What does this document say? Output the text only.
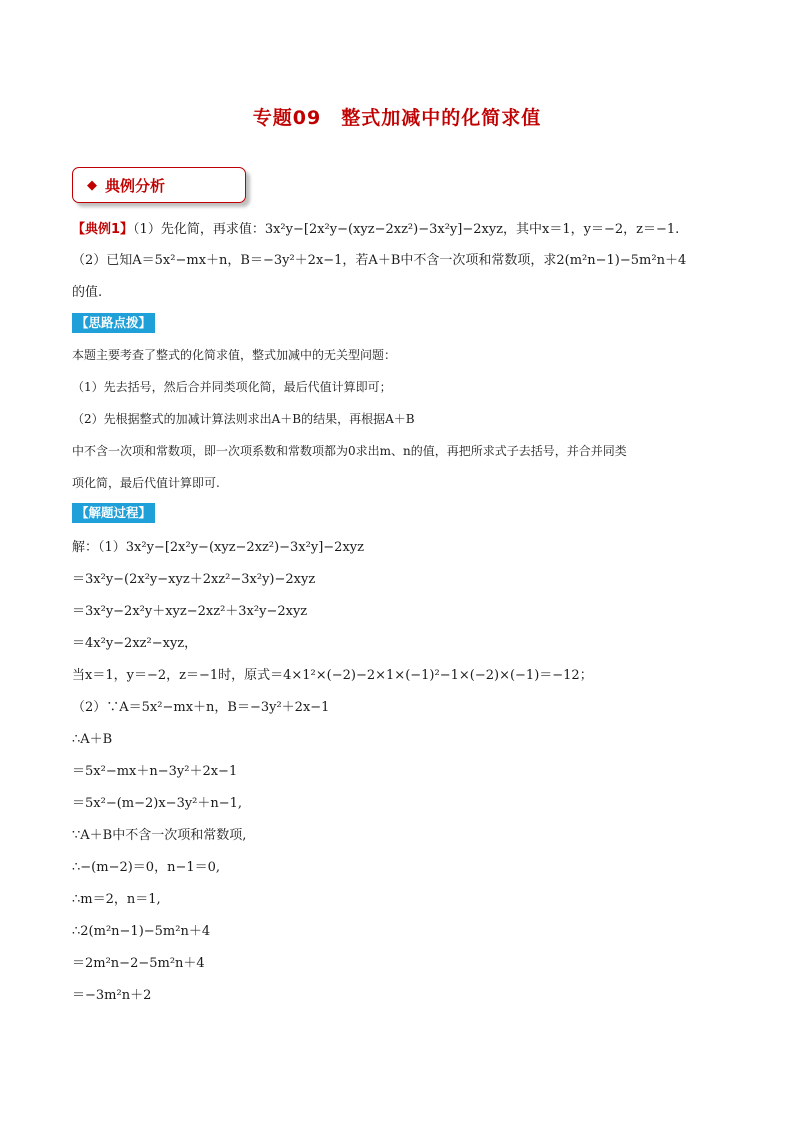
专题09　整式加减中的化简求值
◆ 典例分析
【典例1】（1）先化简，再求值：3x²y−[2x²y−(xyz−2xz²)−3x²y]−2xyz，其中x＝1，y＝−2，z＝−1.
（2）已知A＝5x²−mx＋n，B＝−3y²＋2x−1，若A＋B中不含一次项和常数项，求2(m²n−1)−5m²n＋4
的值.
【思路点拨】
本题主要考查了整式的化简求值，整式加减中的无关型问题：
（1）先去括号，然后合并同类项化简，最后代值计算即可；
（2）先根据整式的加减计算法则求出A＋B的结果，再根据A＋B
中不含一次项和常数项，即一次项系数和常数项都为0求出m、n的值，再把所求式子去括号，并合并同类
项化简，最后代值计算即可.
【解题过程】
解：（1）3x²y−[2x²y−(xyz−2xz²)−3x²y]−2xyz
＝3x²y−(2x²y−xyz＋2xz²−3x²y)−2xyz
＝3x²y−2x²y＋xyz−2xz²＋3x²y−2xyz
＝4x²y−2xz²−xyz，
当x＝1，y＝−2，z＝−1时，原式＝4×1²×(−2)−2×1×(−1)²−1×(−2)×(−1)＝−12；
（2）∵A＝5x²−mx＋n，B＝−3y²＋2x−1
∴A＋B
＝5x²−mx＋n−3y²＋2x−1
＝5x²−(m−2)x−3y²＋n−1,
∵A＋B中不含一次项和常数项,
∴−(m−2)＝0，n−1＝0,
∴m＝2，n＝1,
∴2(m²n−1)−5m²n＋4
＝2m²n−2−5m²n＋4
＝−3m²n＋2
